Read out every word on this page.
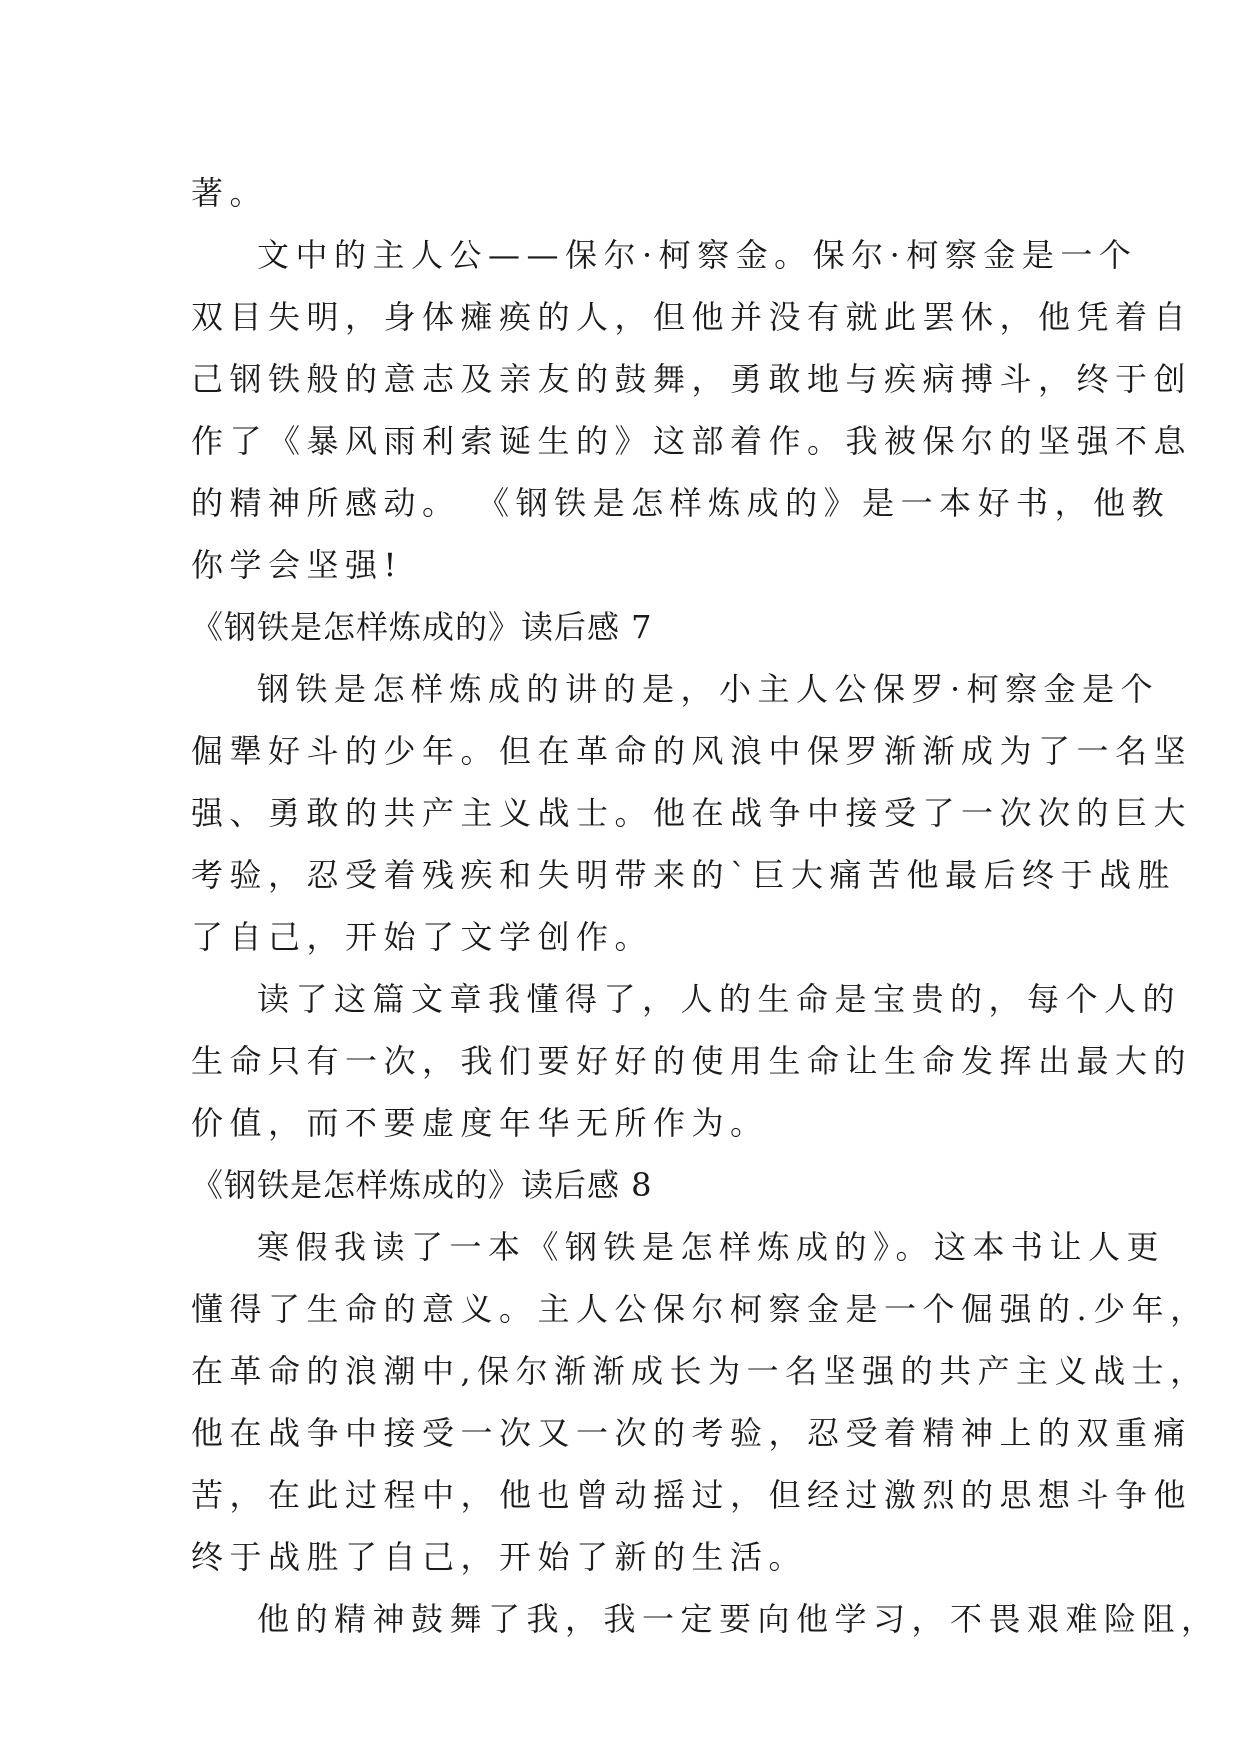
著。
文中的主人公——保尔·柯察金。保尔·柯察金是一个
双目失明，身体瘫痪的人，但他并没有就此罢休，他凭着自
己钢铁般的意志及亲友的鼓舞，勇敢地与疾病搏斗，终于创
作了《暴风雨利索诞生的》这部着作。我被保尔的坚强不息
的精神所感动。 《钢铁是怎样炼成的》是一本好书，他教
你学会坚强!
《钢铁是怎样炼成的》读后感 7
钢铁是怎样炼成的讲的是，小主人公保罗·柯察金是个
倔犟好斗的少年。但在革命的风浪中保罗渐渐成为了一名坚
强、勇敢的共产主义战士。他在战争中接受了一次次的巨大
考验，忍受着残疾和失明带来的`巨大痛苦他最后终于战胜
了自己，开始了文学创作。
读了这篇文章我懂得了，人的生命是宝贵的，每个人的
生命只有一次，我们要好好的使用生命让生命发挥出最大的
价值，而不要虚度年华无所作为。
《钢铁是怎样炼成的》读后感 8
寒假我读了一本《钢铁是怎样炼成的》。这本书让人更
懂得了生命的意义。主人公保尔柯察金是一个倔强的.少年，
在革命的浪潮中,保尔渐渐成长为一名坚强的共产主义战士，
他在战争中接受一次又一次的考验，忍受着精神上的双重痛
苦，在此过程中，他也曾动摇过，但经过激烈的思想斗争他
终于战胜了自己，开始了新的生活。
他的精神鼓舞了我，我一定要向他学习，不畏艰难险阻，
